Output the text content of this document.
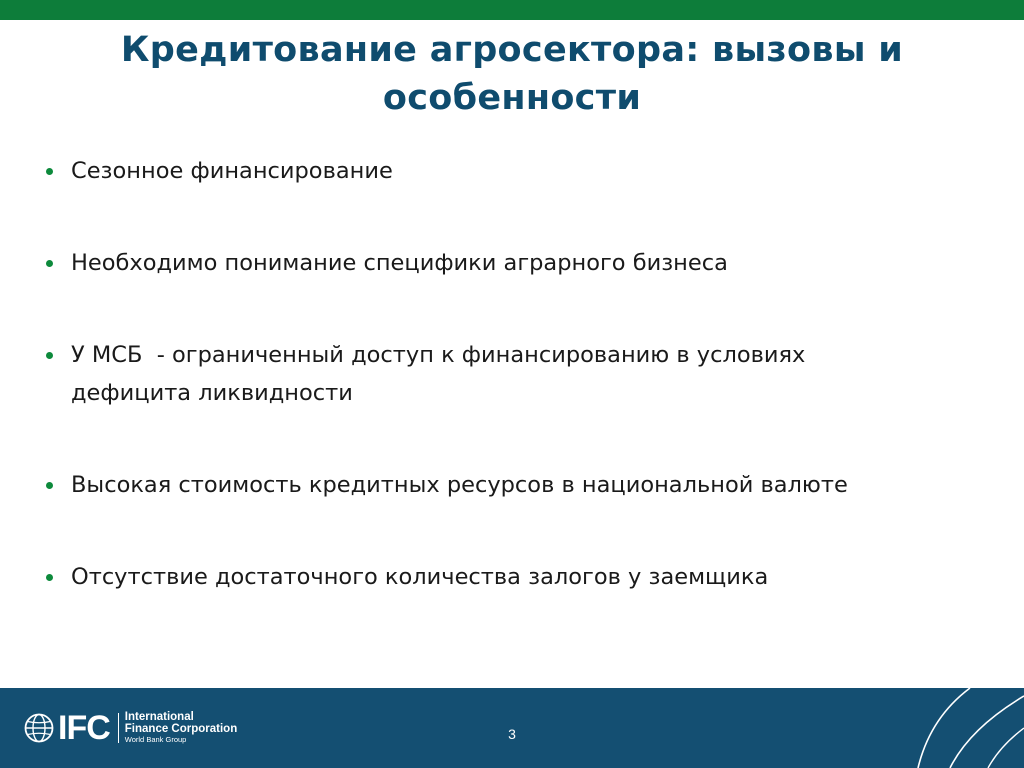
Кредитование агросектора: вызовы и
особенности
Сезонное финансирование
Необходимо понимание специфики аграрного бизнеса
У МСБ  - ограниченный доступ к финансированию в условиях
дефицита ликвидности
Высокая стоимость кредитных ресурсов в национальной валюте
Отсутствие достаточного количества залогов у заемщика
IFC International
Finance Corporation
World Bank Group	3
